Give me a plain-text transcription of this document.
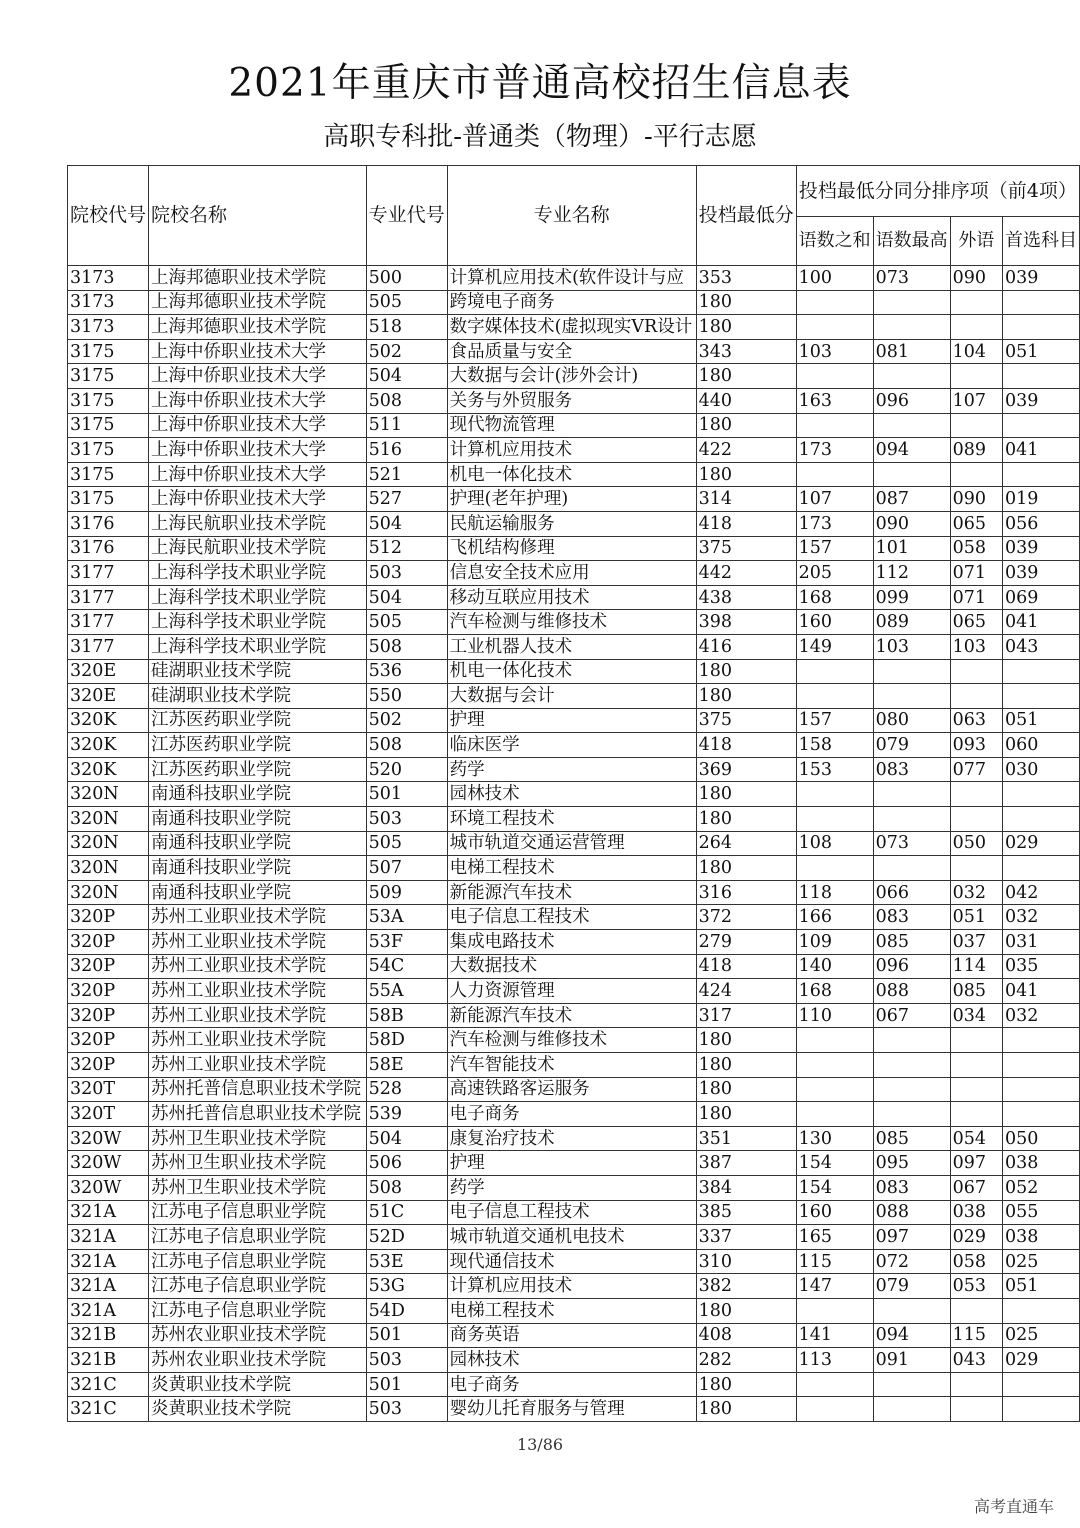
2021年重庆市普通高校招生信息表
高职专科批-普通类（物理）-平行志愿
院校代号	院校名称	专业代号	专业名称	投档最低分	投档最低分同分排序项（前4项）			
					语数之和	语数最高	外语	首选科目
3173	上海邦德职业技术学院	500	计算机应用技术(软件设计与应	353	100	073	090	039
3173	上海邦德职业技术学院	505	跨境电子商务	180				
3173	上海邦德职业技术学院	518	数字媒体技术(虚拟现实VR设计	180				
3175	上海中侨职业技术大学	502	食品质量与安全	343	103	081	104	051
3175	上海中侨职业技术大学	504	大数据与会计(涉外会计)	180				
3175	上海中侨职业技术大学	508	关务与外贸服务	440	163	096	107	039
3175	上海中侨职业技术大学	511	现代物流管理	180				
3175	上海中侨职业技术大学	516	计算机应用技术	422	173	094	089	041
3175	上海中侨职业技术大学	521	机电一体化技术	180				
3175	上海中侨职业技术大学	527	护理(老年护理)	314	107	087	090	019
3176	上海民航职业技术学院	504	民航运输服务	418	173	090	065	056
3176	上海民航职业技术学院	512	飞机结构修理	375	157	101	058	039
3177	上海科学技术职业学院	503	信息安全技术应用	442	205	112	071	039
3177	上海科学技术职业学院	504	移动互联应用技术	438	168	099	071	069
3177	上海科学技术职业学院	505	汽车检测与维修技术	398	160	089	065	041
3177	上海科学技术职业学院	508	工业机器人技术	416	149	103	103	043
320E	硅湖职业技术学院	536	机电一体化技术	180				
320E	硅湖职业技术学院	550	大数据与会计	180				
320K	江苏医药职业学院	502	护理	375	157	080	063	051
320K	江苏医药职业学院	508	临床医学	418	158	079	093	060
320K	江苏医药职业学院	520	药学	369	153	083	077	030
320N	南通科技职业学院	501	园林技术	180				
320N	南通科技职业学院	503	环境工程技术	180				
320N	南通科技职业学院	505	城市轨道交通运营管理	264	108	073	050	029
320N	南通科技职业学院	507	电梯工程技术	180				
320N	南通科技职业学院	509	新能源汽车技术	316	118	066	032	042
320P	苏州工业职业技术学院	53A	电子信息工程技术	372	166	083	051	032
320P	苏州工业职业技术学院	53F	集成电路技术	279	109	085	037	031
320P	苏州工业职业技术学院	54C	大数据技术	418	140	096	114	035
320P	苏州工业职业技术学院	55A	人力资源管理	424	168	088	085	041
320P	苏州工业职业技术学院	58B	新能源汽车技术	317	110	067	034	032
320P	苏州工业职业技术学院	58D	汽车检测与维修技术	180				
320P	苏州工业职业技术学院	58E	汽车智能技术	180				
320T	苏州托普信息职业技术学院	528	高速铁路客运服务	180				
320T	苏州托普信息职业技术学院	539	电子商务	180				
320W	苏州卫生职业技术学院	504	康复治疗技术	351	130	085	054	050
320W	苏州卫生职业技术学院	506	护理	387	154	095	097	038
320W	苏州卫生职业技术学院	508	药学	384	154	083	067	052
321A	江苏电子信息职业学院	51C	电子信息工程技术	385	160	088	038	055
321A	江苏电子信息职业学院	52D	城市轨道交通机电技术	337	165	097	029	038
321A	江苏电子信息职业学院	53E	现代通信技术	310	115	072	058	025
321A	江苏电子信息职业学院	53G	计算机应用技术	382	147	079	053	051
321A	江苏电子信息职业学院	54D	电梯工程技术	180				
321B	苏州农业职业技术学院	501	商务英语	408	141	094	115	025
321B	苏州农业职业技术学院	503	园林技术	282	113	091	043	029
321C	炎黄职业技术学院	501	电子商务	180				
321C	炎黄职业技术学院	503	婴幼儿托育服务与管理	180				
13/86
高考直通车
